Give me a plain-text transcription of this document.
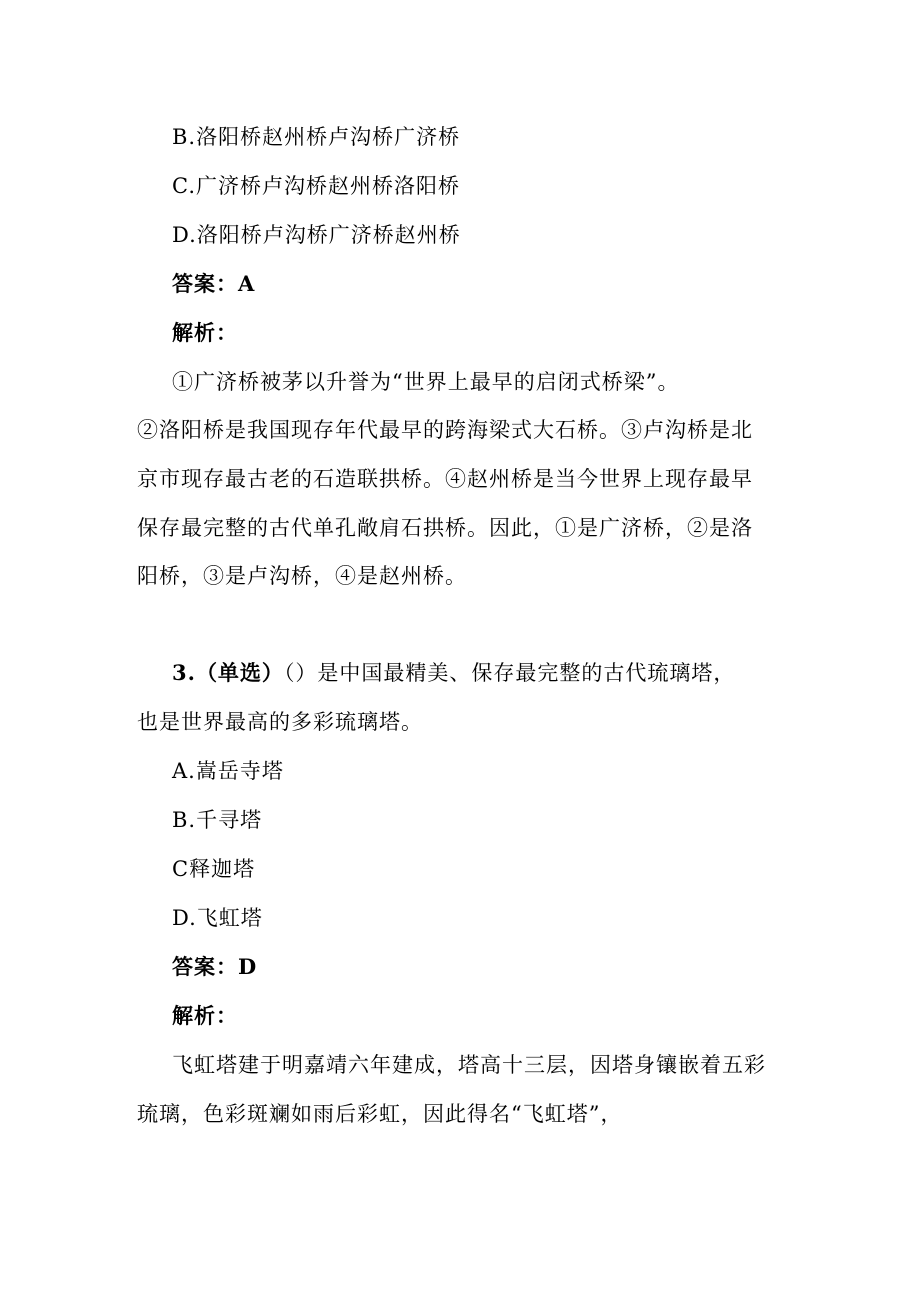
B.洛阳桥赵州桥卢沟桥广济桥
C.广济桥卢沟桥赵州桥洛阳桥
D.洛阳桥卢沟桥广济桥赵州桥
答案：A
解析：
①广济桥被茅以升誉为“世界上最早的启闭式桥梁”。
②洛阳桥是我国现存年代最早的跨海梁式大石桥。③卢沟桥是北
京市现存最古老的石造联拱桥。④赵州桥是当今世界上现存最早
保存最完整的古代单孔敞肩石拱桥。因此，①是广济桥，②是洛
阳桥，③是卢沟桥，④是赵州桥。
3.（单选）（）是中国最精美、保存最完整的古代琉璃塔，
也是世界最高的多彩琉璃塔。
A.嵩岳寺塔
B.千寻塔
C释迦塔
D.飞虹塔
答案：D
解析：
飞虹塔建于明嘉靖六年建成，塔高十三层，因塔身镶嵌着五彩
琉璃，色彩斑斓如雨后彩虹，因此得名“飞虹塔”，
